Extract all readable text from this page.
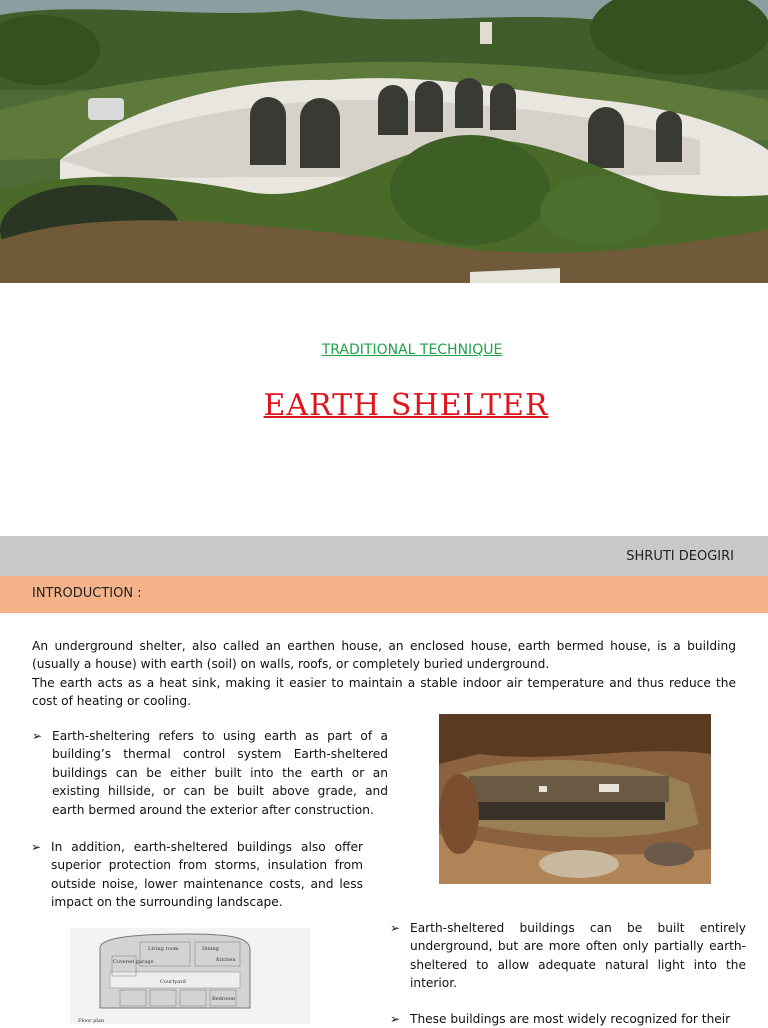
TRADITIONAL TECHNIQUE
EARTH SHELTER
SHRUTI DEOGIRI
INTRODUCTION :
An underground shelter, also called an earthen house, an enclosed house, earth bermed house, is a building (usually a house) with earth (soil) on walls, roofs, or completely buried underground.
The earth acts as a heat sink, making it easier to maintain a stable indoor air temperature and thus reduce the cost of heating or cooling.
➢ Earth-sheltering refers to using earth as part of a building’s thermal control system Earth-sheltered buildings can be either built into the earth or an existing hillside, or can be built above grade, and earth bermed around the exterior after construction.
➢ In addition, earth-sheltered buildings also offer superior protection from storms, insulation from outside noise, lower maintenance costs, and less impact on the surrounding landscape.
Living room	Dining
Covered garage	Kitchen
Courtyard
Bedroom
Floor plan
➢ Earth-sheltered buildings can be built entirely underground, but are more often only partially earth-sheltered to allow adequate natural light into the interior.
➢ These buildings are most widely recognized for their
